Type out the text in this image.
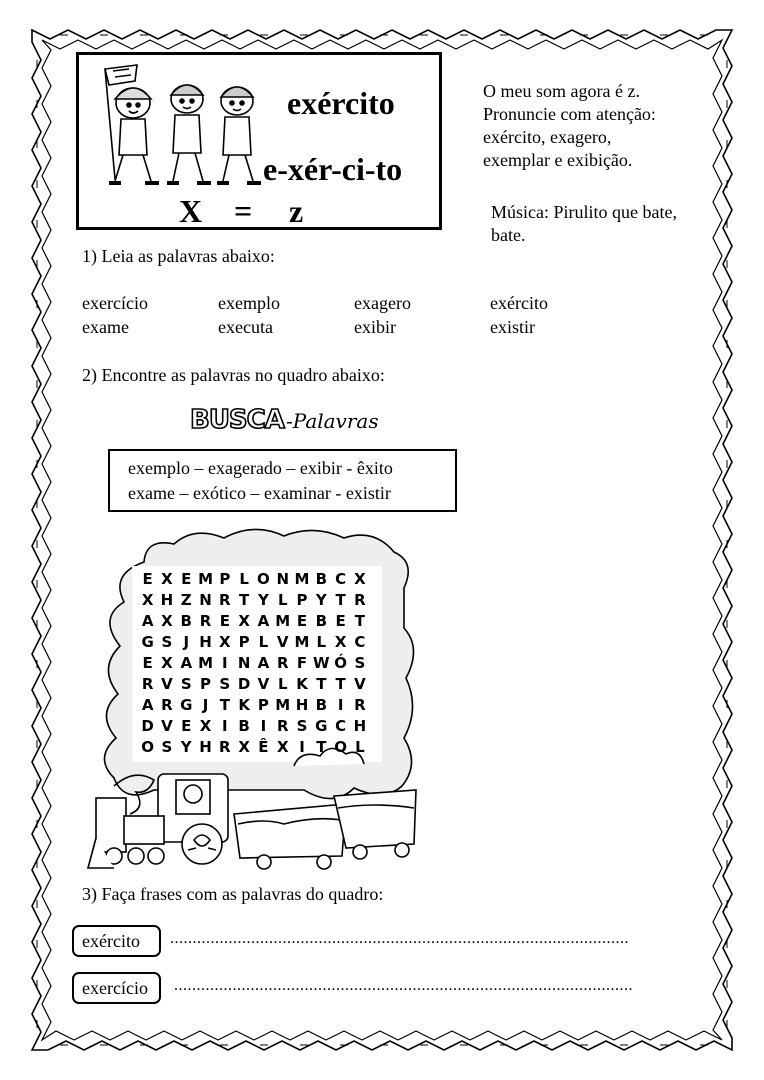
exército
e-xér-ci-to
X = z
O meu som agora é z.
Pronuncie com atenção:
exército, exagero,
exemplar e exibição.
Música: Pirulito que bate,
bate.
1) Leia as palavras abaixo:
exercício	exemplo	exagero	exército
exame	executa	exibir	existir
2) Encontre as palavras no quadro abaixo:
BUSCA -Palavras
exemplo – exagerado – exibir - êxito
exame – exótico – examinar - existir
E X E M P L O N M B C X
X H Z N R T Y L P Y T R
A X B R E X A M E B E T
G S J H X P L V M L X C
E X A M I N A R F W Ó S
R V S P S D V L K T T V
A R G J T K P M H B I R
D V E X I B I R S G C H
O S Y H R X Ê X I T O L
3) Faça frases com as palavras do quadro:
exército	......................................................................................................
exercício	......................................................................................................
